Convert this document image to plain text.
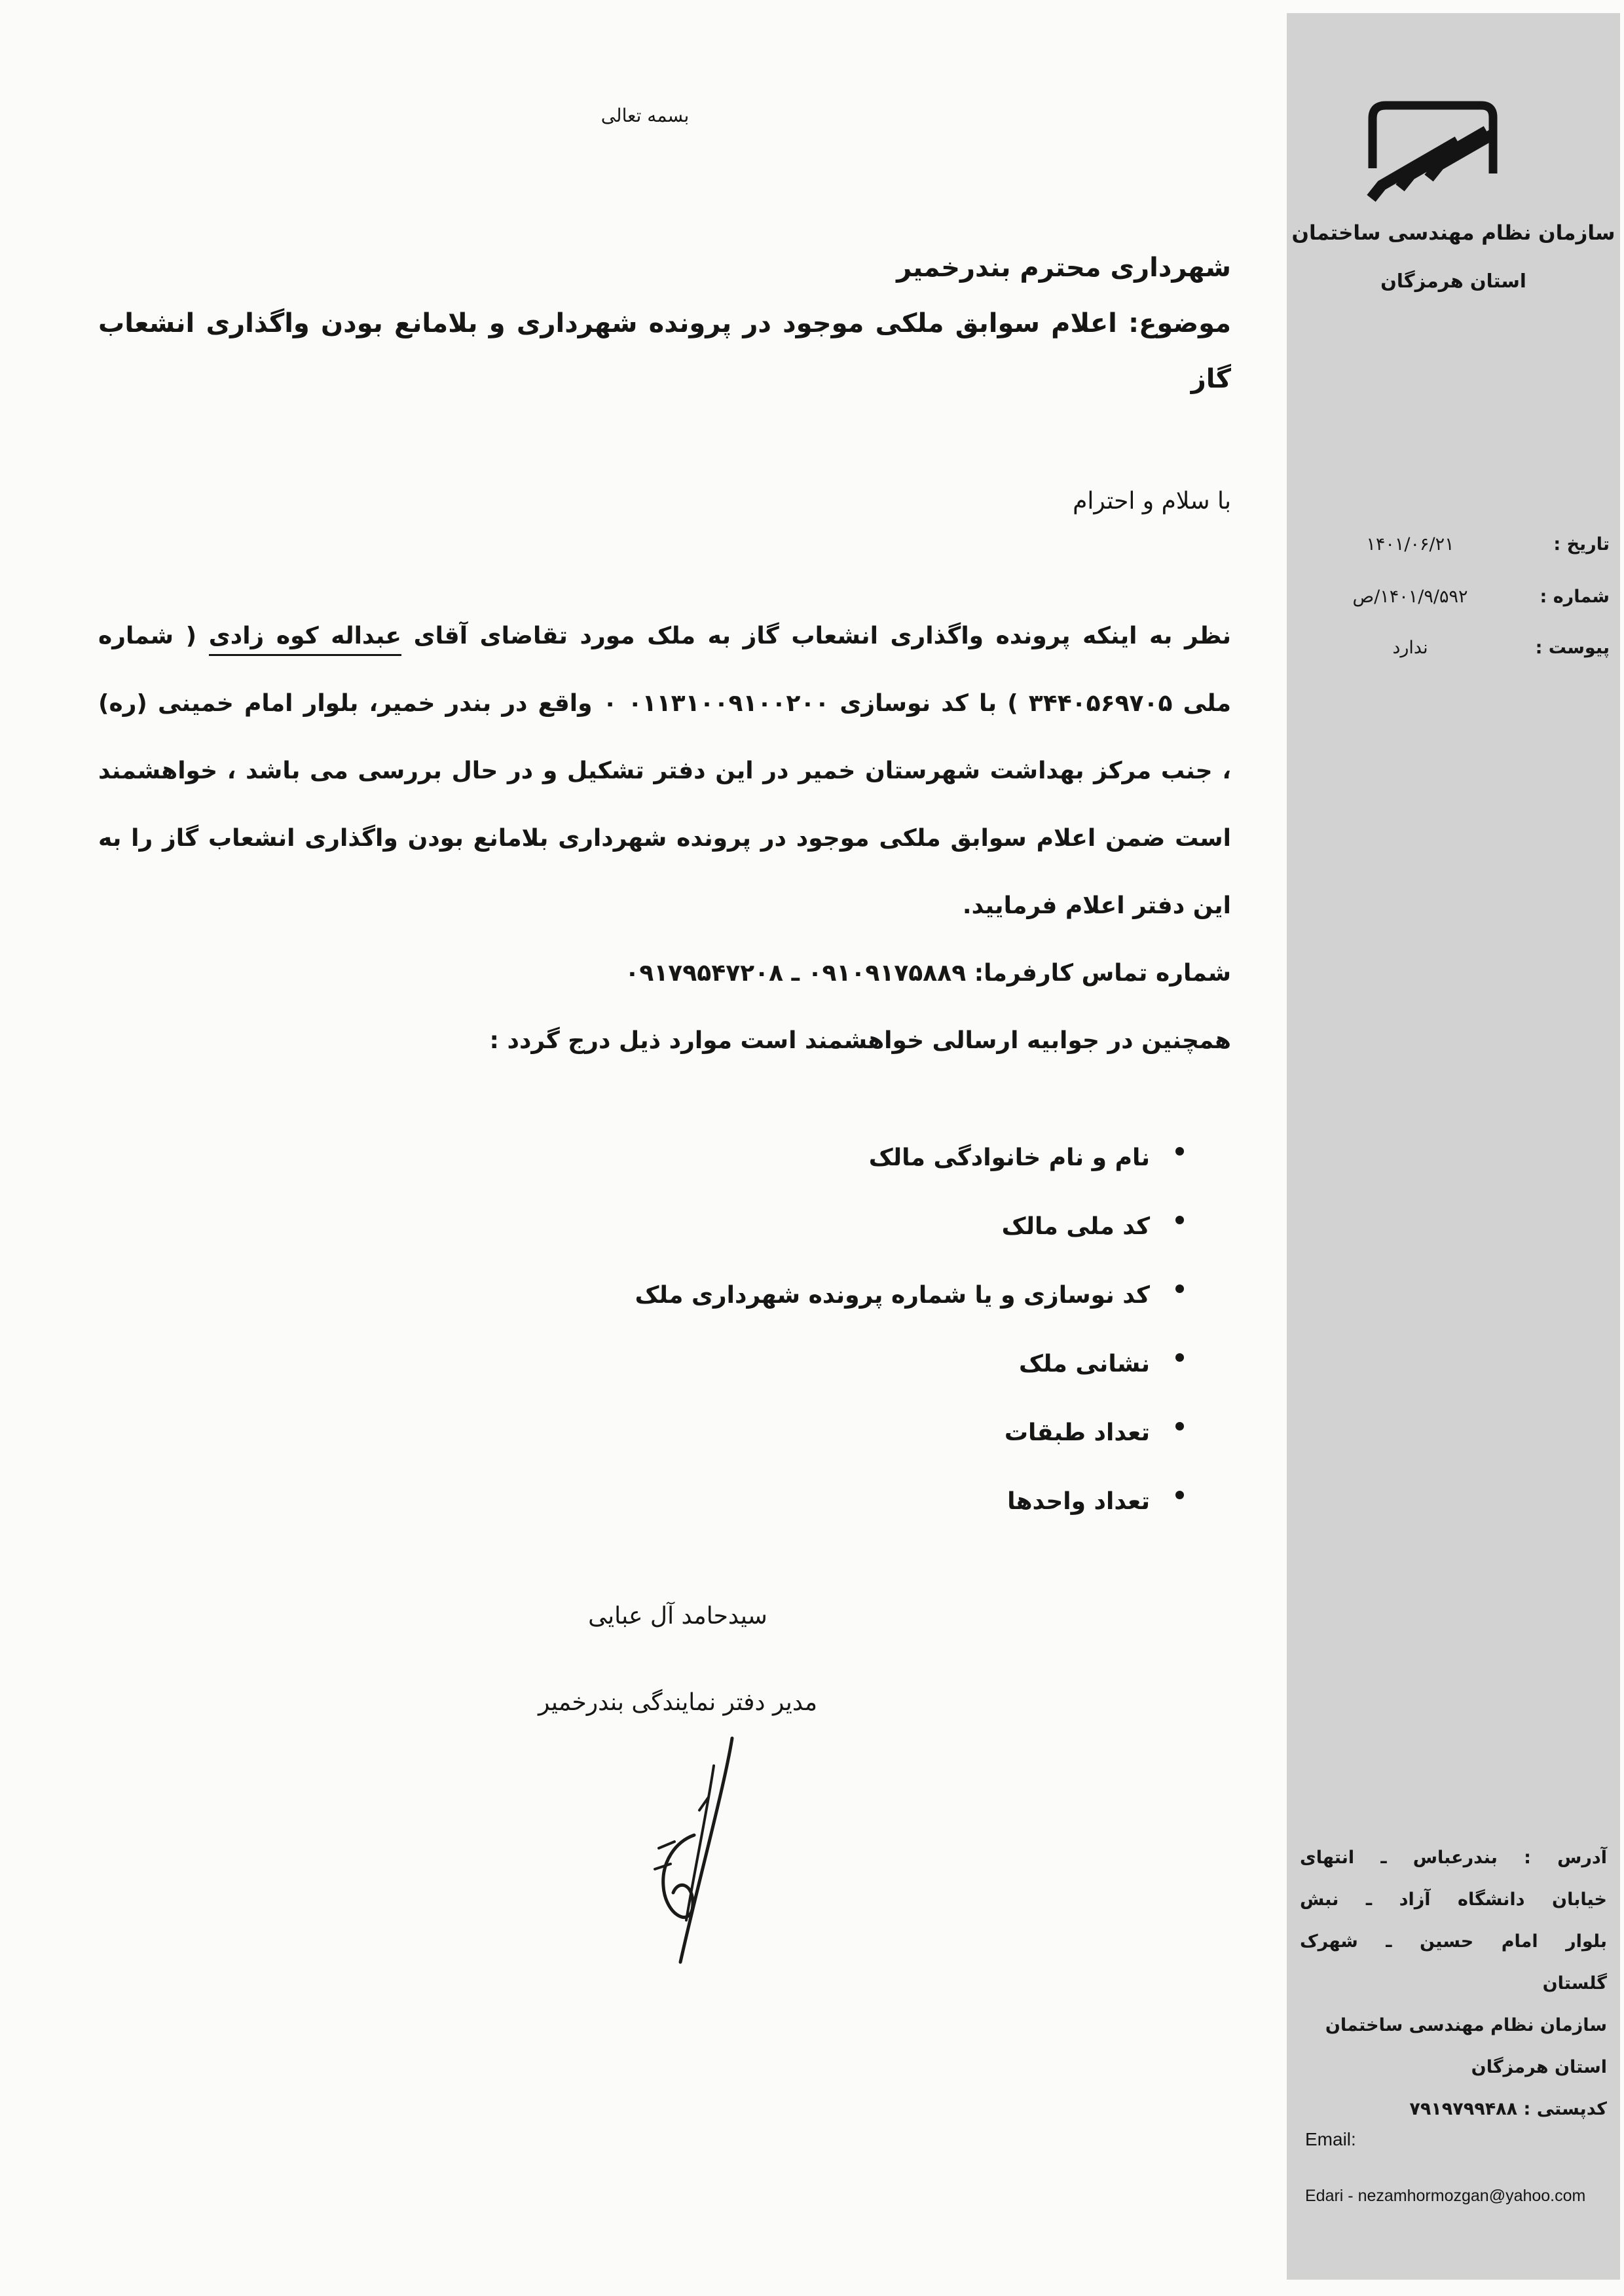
بسمه تعالی
شهرداری محترم بندرخمیر
موضوع: اعلام سوابق ملکی موجود در پرونده شهرداری و بلامانع بودن واگذاری انشعاب
گاز
با سلام و احترام
نظر به اینکه پرونده واگذاری انشعاب گاز به ملک مورد تقاضای آقای عبداله کوه زادی ( شماره
ملی ۳۴۴۰۵۶۹۷۰۵ ) با کد نوسازی ۰۱۱۳۱۰۰۹۱۰۰۲۰۰ ۰ واقع در بندر خمیر، بلوار امام خمینی (ره)
، جنب مرکز بهداشت شهرستان خمیر در این دفتر تشکیل و در حال بررسی می باشد ، خواهشمند
است ضمن اعلام سوابق ملکی موجود در پرونده شهرداری بلامانع بودن واگذاری انشعاب گاز را به
این دفتر اعلام فرمایید.
شماره تماس کارفرما: ۰۹۱۰۹۱۷۵۸۸۹ ـ ۰۹۱۷۹۵۴۷۲۰۸
همچنین در جوابیه ارسالی خواهشمند است موارد ذیل درج گردد :
نام و نام خانوادگی مالک
کد ملی مالک
کد نوسازی و یا شماره پرونده شهرداری ملک
نشانی ملک
تعداد طبقات
تعداد واحدها
سیدحامد آل عبایی
مدیر دفتر نمایندگی بندرخمیر
سازمان نظام مهندسی ساختمان
استان هرمزگان
تاریخ :
۱۴۰۱/۰۶/۲۱
شماره :
۱۴۰۱/۹/۵۹۲/ص
پیوست :
ندارد
آدرس : بندرعباس ـ انتهای
خیابان دانشگاه آزاد ـ نبش
بلوار امام حسین ـ شهرک
گلستان
سازمان نظام مهندسی ساختمان
استان هرمزگان
کدپستی : ۷۹۱۹۷۹۹۴۸۸
Email:
Edari - nezamhormozgan@yahoo.com
